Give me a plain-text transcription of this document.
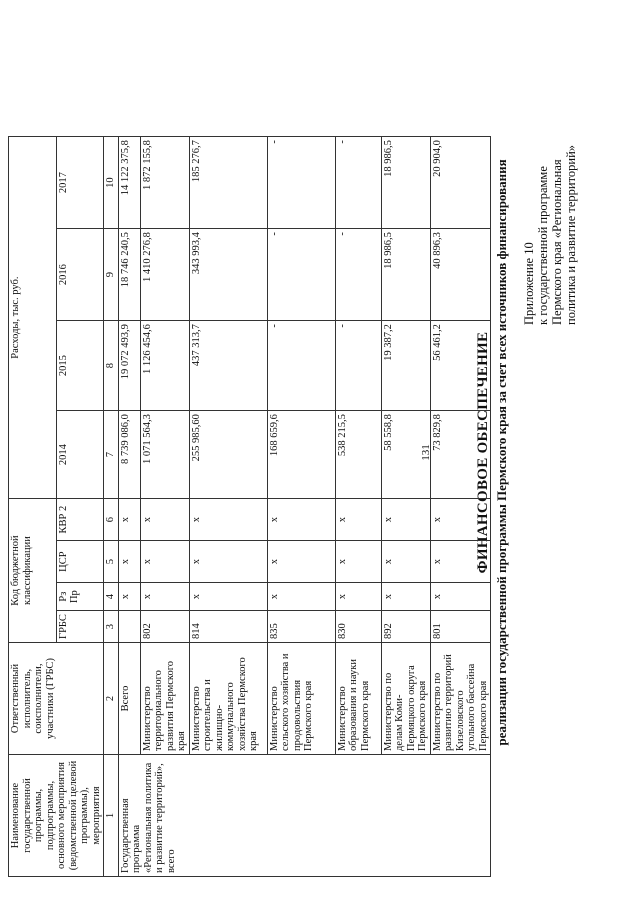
131
Приложение 10 к государственной программе Пермского края «Региональная политика и развитие территорий»
ФИНАНСОВОЕ ОБЕСПЕЧЕНИЕ реализации государственной программы Пермского края за счет всех источников финансирования
Наименование государственной программы, подпрограммы, основного мероприятия (ведомственной целевой программы), мероприятия	Ответственный исполнитель, соисполнители, участники (ГРБС)	Код бюджетной классификации				Расходы, тыс. руб.			
		ГРБС	Рз Пр	ЦСР	КВР 2	2014	2015	2016	2017
1	2	3	4	5	6	7	8	9	10
Государственная программа «Региональная политика и развитие территорий», всего	Всего		х	х	х	8 739 086,0	19 072 493,9	18 746 240,5	14 122 375,8
	Министерство территориального развития Пермского края	802	х	х	х	1 071 564,3	1 126 454,6	1 410 276,8	1 872 155,8
	Министерство строительства и жилищно-коммунального хозяйства Пермского края	814	х	х	х	255 985,60	437 313,7	343 993,4	185 276,7
	Министерство сельского хозяйства и продовольствия Пермского края	835	х	х	х	168 659,6	-	-	-
	Министерство образования и науки Пермского края	830	х	х	х	538 215,5	-	-	-
	Министерство по делам Коми-Пермяцкого округа Пермского края	892	х	х	х	58 558,8	19 387,2	18 986,5	18 986,5
	Министерство по развитию территорий Кизеловского угольного бассейна Пермского края	801	х	х	х	73 829,8	56 461,2	40 896,3	20 904,0
